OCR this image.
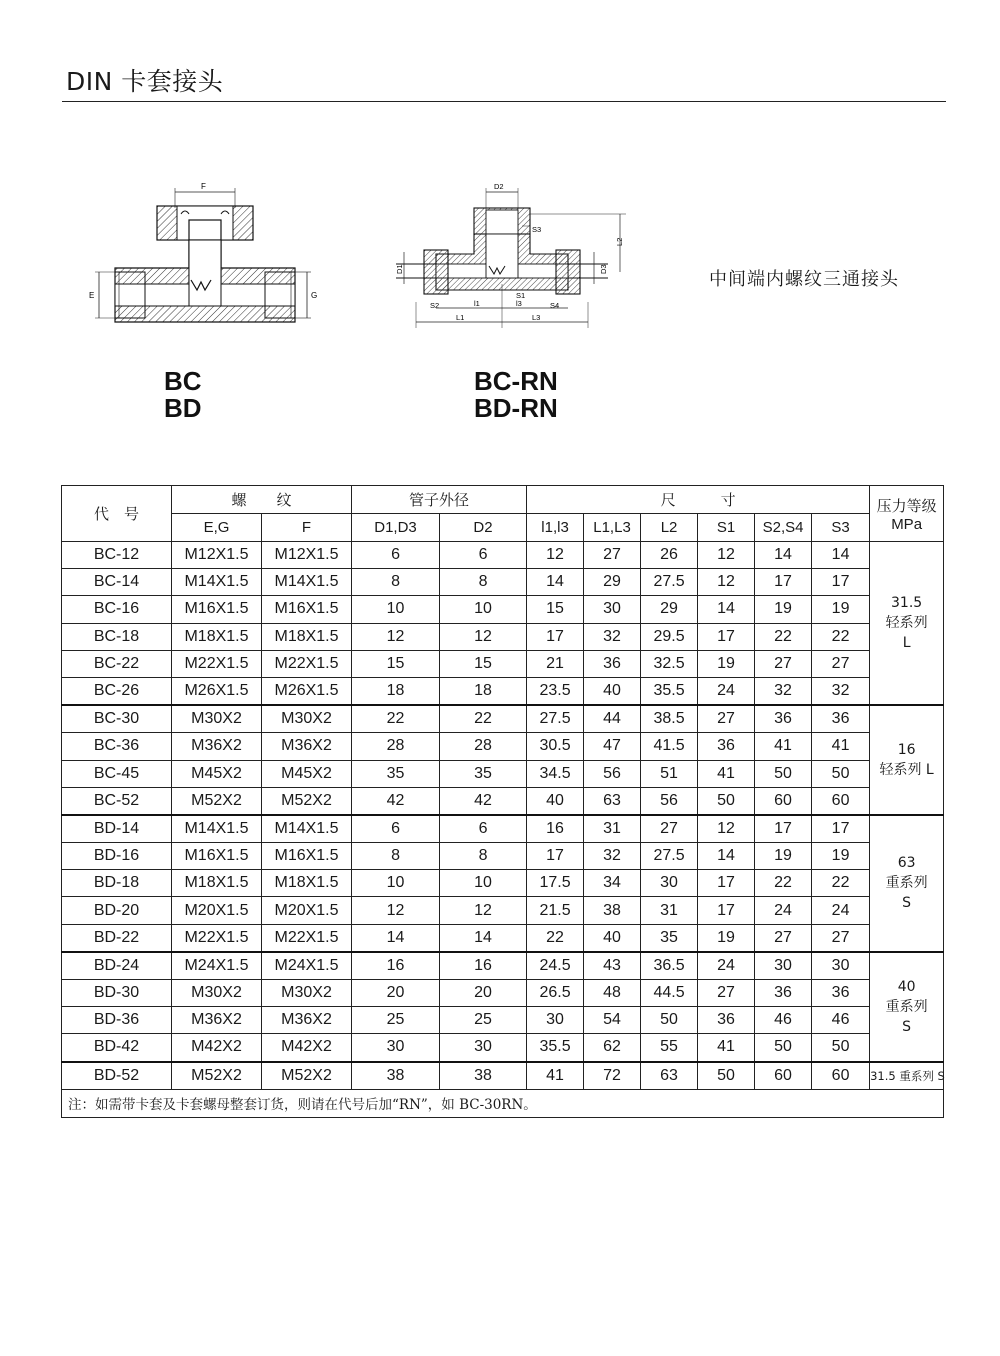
DIN 卡套接头
F
E	G
BC
BD
D2
S3
L2
D1	D3
S2
S1
S4
l1	l3
L1	L3
BC-RN
BD-RN
中间端内螺纹三通接头
代　号	螺　　纹		管子外径		尺　　　寸						压力等级
MPa

	E,G	F	D1,D3	D2	l1,l3	L1,L3	L2	S1	S2,S4	S3	
BC-12	M12X1.5	M12X1.5	6	6	12	27	26	12	14	14	31.5
轻系列
L

BC-14	M14X1.5	M14X1.5	8	8	14	29	27.5	12	17	17	
BC-16	M16X1.5	M16X1.5	10	10	15	30	29	14	19	19	
BC-18	M18X1.5	M18X1.5	12	12	17	32	29.5	17	22	22	
BC-22	M22X1.5	M22X1.5	15	15	21	36	32.5	19	27	27	
BC-26	M26X1.5	M26X1.5	18	18	23.5	40	35.5	24	32	32	
BC-30	M30X2	M30X2	22	22	27.5	44	38.5	27	36	36	16
轻系列 L

BC-36	M36X2	M36X2	28	28	30.5	47	41.5	36	41	41	
BC-45	M45X2	M45X2	35	35	34.5	56	51	41	50	50	
BC-52	M52X2	M52X2	42	42	40	63	56	50	60	60	
BD-14	M14X1.5	M14X1.5	6	6	16	31	27	12	17	17	63
重系列
S

BD-16	M16X1.5	M16X1.5	8	8	17	32	27.5	14	19	19	
BD-18	M18X1.5	M18X1.5	10	10	17.5	34	30	17	22	22	
BD-20	M20X1.5	M20X1.5	12	12	21.5	38	31	17	24	24	
BD-22	M22X1.5	M22X1.5	14	14	22	40	35	19	27	27	
BD-24	M24X1.5	M24X1.5	16	16	24.5	43	36.5	24	30	30	40
重系列
S

BD-30	M30X2	M30X2	20	20	26.5	48	44.5	27	36	36	
BD-36	M36X2	M36X2	25	25	30	54	50	36	46	46	
BD-42	M42X2	M42X2	30	30	35.5	62	55	41	50	50	
BD-52	M52X2	M52X2	38	38	41	72	63	50	60	60	31.5 重系列 S

注：如需带卡套及卡套螺母整套订货，则请在代号后加“RN”，如 BC-30RN。											
